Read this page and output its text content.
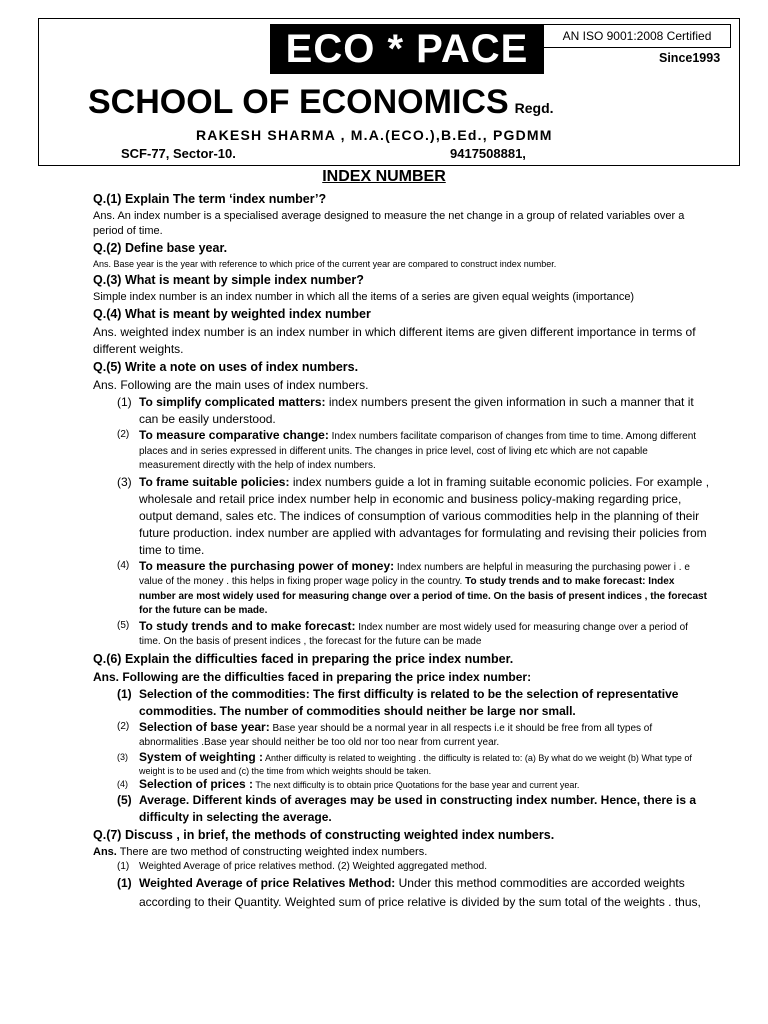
ECO * PACE	AN ISO 9001:2008 Certified
Since1993
SCHOOL OF ECONOMICS Regd.
RAKESH SHARMA , M.A.(ECO.),B.Ed., PGDMM
SCF-77, Sector-10.	9417508881,
INDEX NUMBER
Q.(1) Explain The term ‘index number’?
Ans. An index number is a specialised average designed to measure the net change in a group of related variables over a period of time.
Q.(2) Define base year.
Ans. Base year is the year with reference to which price of the current year are compared to construct index number.
Q.(3) What is meant by simple index number?
Simple index number is an index number in which all the items of a series are given equal weights (importance)
Q.(4) What is meant by weighted index number
Ans. weighted index number is an index number in which different items are given different importance in terms of different weights.
Q.(5) Write a note on uses of index numbers.
Ans. Following are the main uses of index numbers.
(1) To simplify complicated matters: index numbers present the given information in such a manner that it can be easily understood.
(2) To measure comparative change: Index numbers facilitate comparison of changes from time to time. Among different places and in series expressed in different units. The changes in price level, cost of living etc which are not capable measurement directly with the help of index numbers.
(3) To frame suitable policies: index numbers guide a lot in framing suitable economic policies. For example , wholesale and retail price index number help in economic and business policy-making regarding price, output demand, sales etc. The indices of consumption of various commodities help in the planning of their future production. index number are applied with advantages for formulating and revising their policies from time to time.
(4) To measure the purchasing power of money: Index numbers are helpful in measuring the purchasing power i . e value of the money . this helps in fixing proper wage policy in the country. To study trends and to make forecast: Index number are most widely used for measuring change over a period of time. On the basis of present indices , the forecast for the future can be made.
(5) To study trends and to make forecast: Index number are most widely used for measuring change over a period of time. On the basis of present indices , the forecast for the future can be made
Q.(6) Explain the difficulties faced in preparing the price index number.
Ans. Following are the difficulties faced in preparing the price index number:
(1) Selection of the commodities: The first difficulty is related to be the selection of representative commodities. The number of commodities should neither be large nor small.
(2) Selection of base year: Base year should be a normal year in all respects i.e it should be free from all types of abnormalities .Base year should neither be too old nor too near from current year.
(3) System of weighting : Anther difficulty is related to weighting . the difficulty is related to: (a) By what do we weight (b) What type of weight is to be used and (c) the time from which weights should be taken.
(4) Selection of prices : The next difficulty is to obtain price Quotations for the base year and current year.
(5) Average. Different kinds of averages may be used in constructing index number. Hence, there is a difficulty in selecting the average.
Q.(7) Discuss , in brief, the methods of constructing weighted index numbers.
Ans. There are two method of constructing weighted index numbers.
(1) Weighted Average of price relatives method. (2) Weighted aggregated method.
(1) Weighted Average of price Relatives Method: Under this method commodities are accorded weights according to their Quantity. Weighted sum of price relative is divided by the sum total of the weights . thus,
